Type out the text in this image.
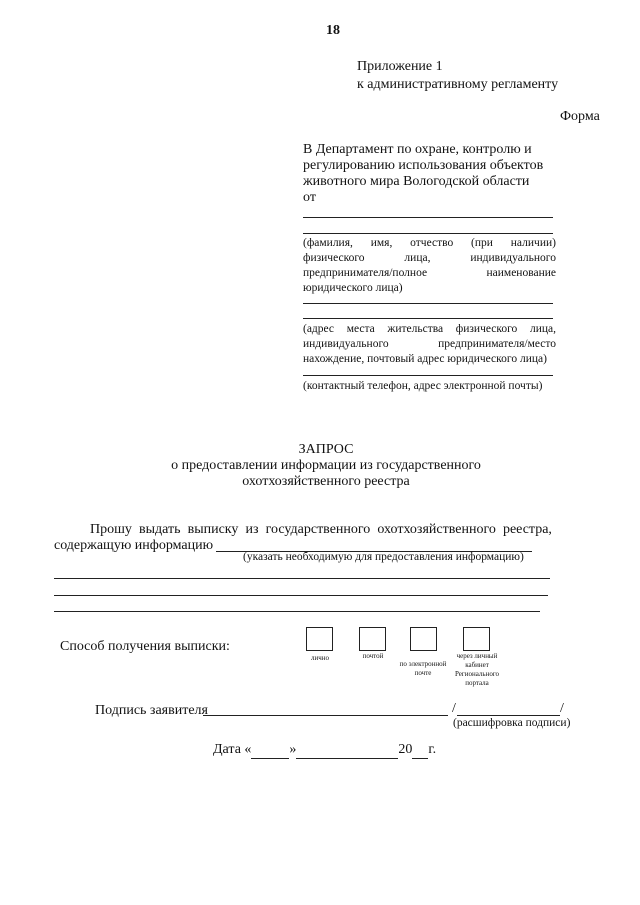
18
Приложение 1
к административному регламенту
Форма
В Департамент по охране, контролю и
регулированию использования объектов
животного мира Вологодской области
от
(фамилия, имя, отчество (при наличии)
физического	лица,	индивидуального
предпринимателя/полное	наименование
юридического лица)
(адрес места жительства физического лица,
индивидуального	предпринимателя/место
нахождение, почтовый адрес юридического лица)
(контактный телефон, адрес электронной почты)
ЗАПРОС
о предоставлении информации из государственного
охотхозяйственного реестра
Прошу выдать выписку из государственного охотхозяйственного реестра,
содержащую информацию
(указать необходимую для предоставления информацию)
Способ получения выписки:
лично	почтой
по электронной почте
через личный кабинет Регионального портала
Подпись заявителя	/	/
(расшифровка подписи)
Дата «	»	20 г.
